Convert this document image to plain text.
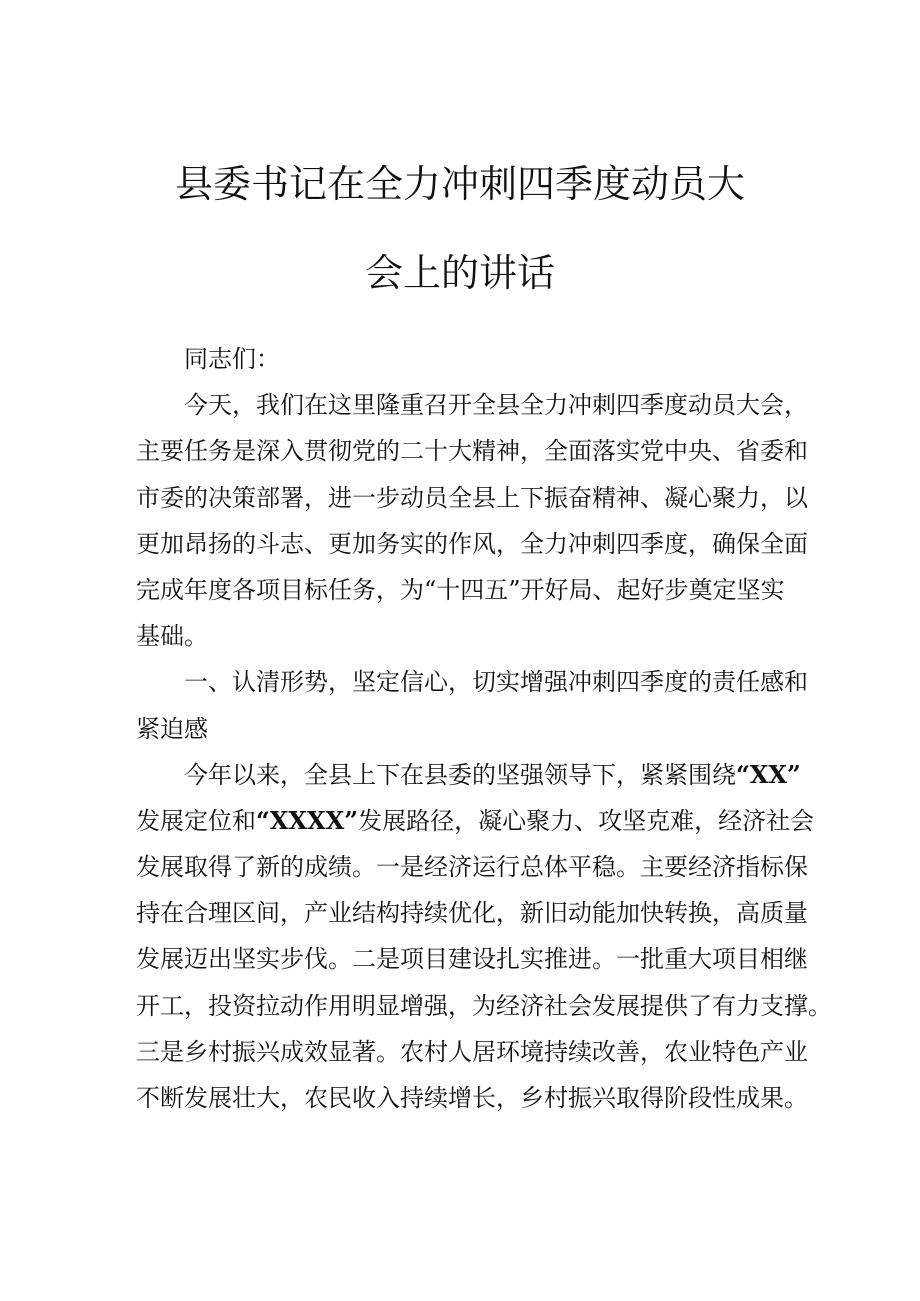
县委书记在全力冲刺四季度动员大
会上的讲话
同志们：
今天，我们在这里隆重召开全县全力冲刺四季度动员大会，
主要任务是深入贯彻党的二十大精神，全面落实党中央、省委和
市委的决策部署，进一步动员全县上下振奋精神、凝心聚力，以
更加昂扬的斗志、更加务实的作风，全力冲刺四季度，确保全面
完成年度各项目标任务，为“十四五”开好局、起好步奠定坚实
基础。
一、认清形势，坚定信心，切实增强冲刺四季度的责任感和
紧迫感
今年以来，全县上下在县委的坚强领导下，紧紧围绕“XX”
发展定位和“XXXX”发展路径，凝心聚力、攻坚克难，经济社会
发展取得了新的成绩。一是经济运行总体平稳。主要经济指标保
持在合理区间，产业结构持续优化，新旧动能加快转换，高质量
发展迈出坚实步伐。二是项目建设扎实推进。一批重大项目相继
开工，投资拉动作用明显增强，为经济社会发展提供了有力支撑。
三是乡村振兴成效显著。农村人居环境持续改善，农业特色产业
不断发展壮大，农民收入持续增长，乡村振兴取得阶段性成果。
